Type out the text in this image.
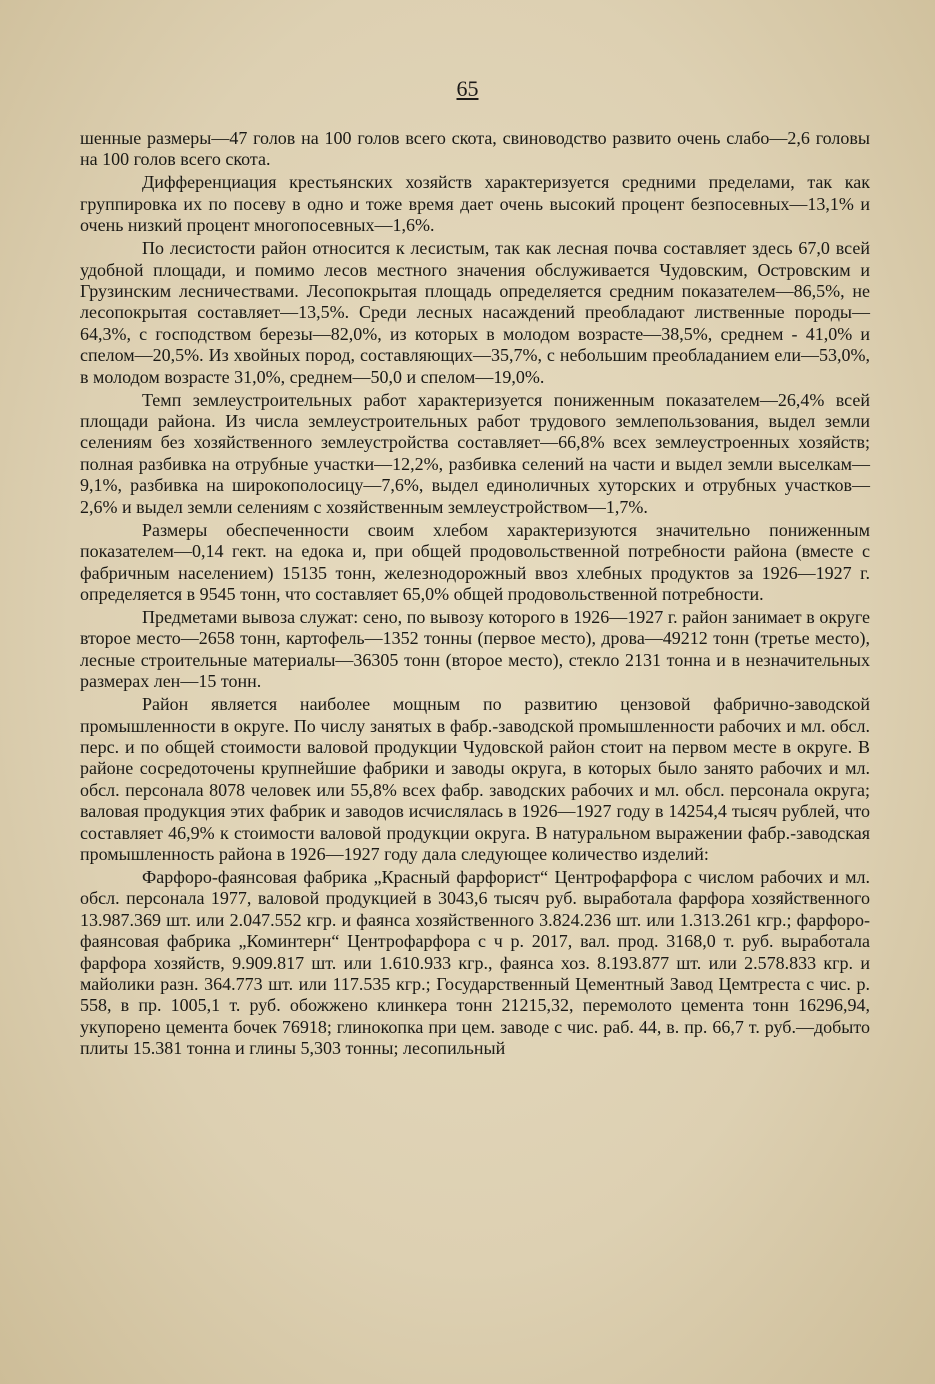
65

шенные размеры—47 голов на 100 голов всего скота, свиноводство развито очень слабо—2,6 головы на 100 голов всего скота.

Дифференциация крестьянских хозяйств характеризуется средними пределами, так как группировка их по посеву в одно и тоже время дает очень высокий процент безпосевных—13,1% и очень низкий процент многопосевных—1,6%.

По лесистости район относится к лесистым, так как лесная почва составляет здесь 67,0 всей удобной площади, и помимо лесов местного значения обслуживается Чудовским, Островским и Грузинским лесничествами. Лесопокрытая площадь определяется средним показателем—86,5%, не лесопокрытая составляет—13,5%. Среди лесных насаждений преобладают лиственные породы—64,3%, с господством березы—82,0%, из которых в молодом возрасте—38,5%, среднем - 41,0% и спелом—20,5%. Из хвойных пород, составляющих—35,7%, с небольшим преобладанием ели—53,0%, в молодом возрасте 31,0%, среднем—50,0 и спелом—19,0%.

Темп землеустроительных работ характеризуется пониженным показателем—26,4% всей площади района. Из числа землеустроительных работ трудового землепользования, выдел земли селениям без хозяйственного землеустройства составляет—66,8% всех землеустроенных хозяйств; полная разбивка на отрубные участки—12,2%, разбивка селений на части и выдел земли выселкам—9,1%, разбивка на широкополосицу—7,6%, выдел единоличных хуторских и отрубных участков—2,6% и выдел земли селениям с хозяйственным землеустройством—1,7%.

Размеры обеспеченности своим хлебом характеризуются значительно пониженным показателем—0,14 гект. на едока и, при общей продовольственной потребности района (вместе с фабричным населением) 15135 тонн, железнодорожный ввоз хлебных продуктов за 1926—1927 г. определяется в 9545 тонн, что составляет 65,0% общей продовольственной потребности.

Предметами вывоза служат: сено, по вывозу которого в 1926—1927 г. район занимает в округе второе место—2658 тонн, картофель—1352 тонны (первое место), дрова—49212 тонн (третье место), лесные строительные материалы—36305 тонн (второе место), стекло 2131 тонна и в незначительных размерах лен—15 тонн.

Район является наиболее мощным по развитию цензовой фабрично-заводской промышленности в округе. По числу занятых в фабр.-заводской промышленности рабочих и мл. обсл. перс. и по общей стоимости валовой продукции Чудовской район стоит на первом месте в округе. В районе сосредоточены крупнейшие фабрики и заводы округа, в которых было занято рабочих и мл. обсл. персонала 8078 человек или 55,8% всех фабр. заводских рабочих и мл. обсл. персонала округа; валовая продукция этих фабрик и заводов исчислялась в 1926—1927 году в 14254,4 тысяч рублей, что составляет 46,9% к стоимости валовой продукции округа. В натуральном выражении фабр.-заводская промышленность района в 1926—1927 году дала следующее количество изделий:

Фарфоро-фаянсовая фабрика „Красный фарфорист“ Центрофарфора с числом рабочих и мл. обсл. персонала 1977, валовой продукцией в 3043,6 тысяч руб. выработала фарфора хозяйственного 13.987.369 шт. или 2.047.552 кгр. и фаянса хозяйственного 3.824.236 шт. или 1.313.261 кгр.; фарфоро-фаянсовая фабрика „Коминтерн“ Центрофарфора с ч р. 2017, вал. прод. 3168,0 т. руб. выработала фарфора хозяйств, 9.909.817 шт. или 1.610.933 кгр., фаянса хоз. 8.193.877 шт. или 2.578.833 кгр. и майолики разн. 364.773 шт. или 117.535 кгр.; Государственный Цементный Завод Цемтреста с чис. р. 558, в пр. 1005,1 т. руб. обожжено клинкера тонн 21215,32, перемолото цемента тонн 16296,94, укупорено цемента бочек 76918; глинокопка при цем. заводе с чис. раб. 44, в. пр. 66,7 т. руб.—добыто плиты 15.381 тонна и глины 5,303 тонны; лесопильный
